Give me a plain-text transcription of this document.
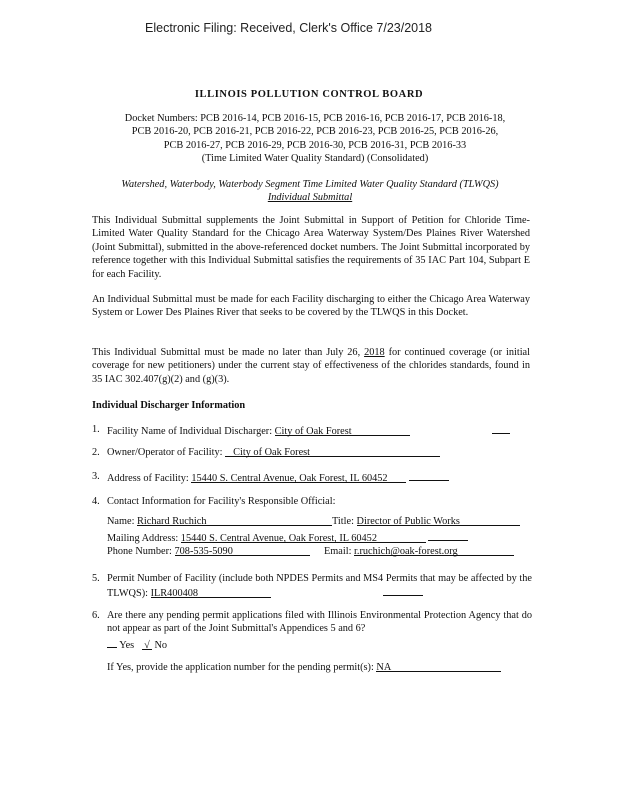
Electronic Filing: Received, Clerk's Office 7/23/2018
ILLINOIS POLLUTION CONTROL BOARD
Docket Numbers: PCB 2016-14, PCB 2016-15, PCB 2016-16, PCB 2016-17, PCB 2016-18,
PCB 2016-20, PCB 2016-21, PCB 2016-22, PCB 2016-23, PCB 2016-25, PCB 2016-26,
PCB 2016-27, PCB 2016-29, PCB 2016-30, PCB 2016-31, PCB 2016-33
(Time Limited Water Quality Standard) (Consolidated)
Watershed, Waterbody, Waterbody Segment Time Limited Water Quality Standard (TLWQS)
Individual Submittal
This Individual Submittal supplements the Joint Submittal in Support of Petition for Chloride Time-Limited Water Quality Standard for the Chicago Area Waterway System/Des Plaines River Watershed (Joint Submittal), submitted in the above-referenced docket numbers. The Joint Submittal incorporated by reference together with this Individual Submittal satisfies the requirements of 35 IAC Part 104, Subpart E for each Facility.
An Individual Submittal must be made for each Facility discharging to either the Chicago Area Waterway System or Lower Des Plaines River that seeks to be covered by the TLWQS in this Docket.
This Individual Submittal must be made no later than July 26, 2018 for continued coverage (or initial coverage for new petitioners) under the current stay of effectiveness of the chlorides standards, found in 35 IAC 302.407(g)(2) and (g)(3).
Individual Discharger Information
1. Facility Name of Individual Discharger: City of Oak Forest
2. Owner/Operator of Facility: City of Oak Forest
3. Address of Facility: 15440 S. Central Avenue, Oak Forest, IL 60452
4. Contact Information for Facility's Responsible Official:
Name: Richard Ruchich	Title: Director of Public Works
Mailing Address: 15440 S. Central Avenue, Oak Forest, IL 60452
Phone Number: 708-535-5090	Email: r.ruchich@oak-forest.org
5. Permit Number of Facility (include both NPDES Permits and MS4 Permits that may be affected by the TLWQS): ILR400408
6. Are there any pending permit applications filed with Illinois Environmental Protection Agency that do not appear as part of the Joint Submittal's Appendices 5 and 6?
Yes √ No
If Yes, provide the application number for the pending permit(s): NA
